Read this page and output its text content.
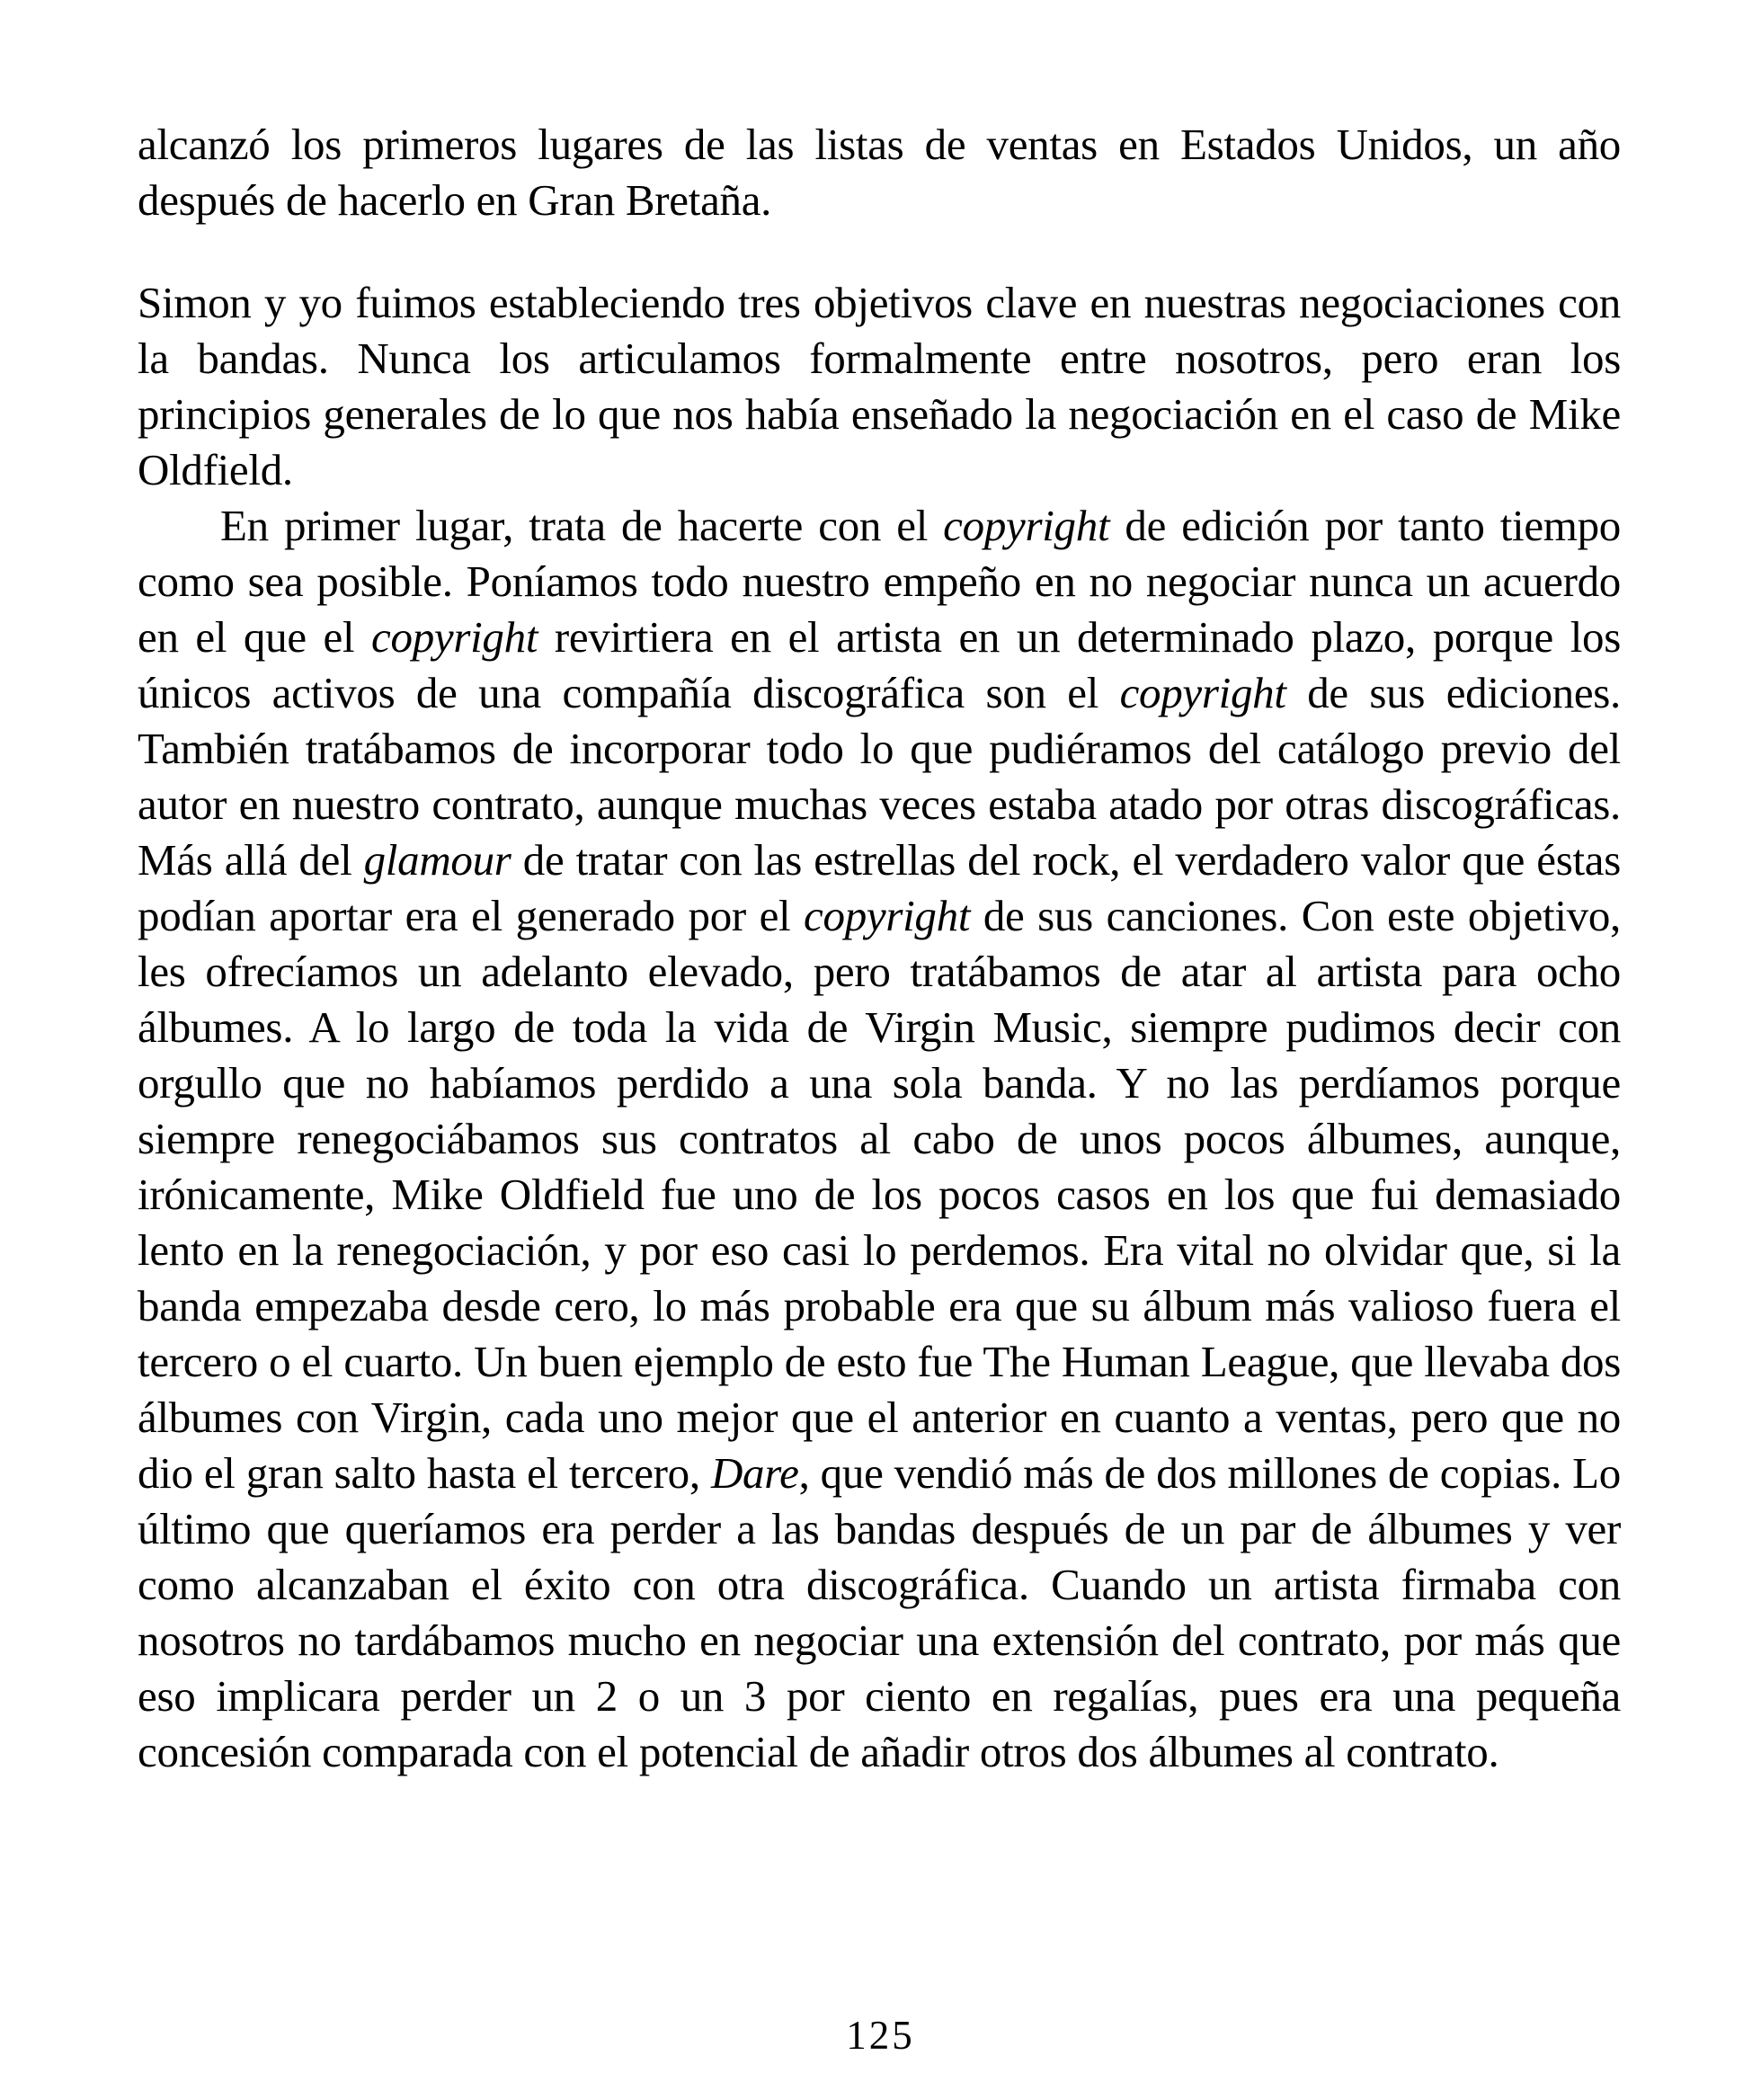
alcanzó los primeros lugares de las listas de ventas en Estados Unidos, un año después de hacerlo en Gran Bretaña.

Simon y yo fuimos estableciendo tres objetivos clave en nuestras negociaciones con la bandas. Nunca los articulamos formalmente entre nosotros, pero eran los principios generales de lo que nos había enseñado la negociación en el caso de Mike Oldfield.

En primer lugar, trata de hacerte con el copyright de edición por tanto tiempo como sea posible. Poníamos todo nuestro empeño en no negociar nunca un acuerdo en el que el copyright revirtiera en el artista en un determinado plazo, porque los únicos activos de una compañía discográfica son el copyright de sus ediciones. También tratábamos de incorporar todo lo que pudiéramos del catálogo previo del autor en nuestro contrato, aunque muchas veces estaba atado por otras discográficas. Más allá del glamour de tratar con las estrellas del rock, el verdadero valor que éstas podían aportar era el generado por el copyright de sus canciones. Con este objetivo, les ofrecíamos un adelanto elevado, pero tratábamos de atar al artista para ocho álbumes. A lo largo de toda la vida de Virgin Music, siempre pudimos decir con orgullo que no habíamos perdido a una sola banda. Y no las perdíamos porque siempre renegociábamos sus contratos al cabo de unos pocos álbumes, aunque, irónicamente, Mike Oldfield fue uno de los pocos casos en los que fui demasiado lento en la renegociación, y por eso casi lo perdemos. Era vital no olvidar que, si la banda empezaba desde cero, lo más probable era que su álbum más valioso fuera el tercero o el cuarto. Un buen ejemplo de esto fue The Human League, que llevaba dos álbumes con Virgin, cada uno mejor que el anterior en cuanto a ventas, pero que no dio el gran salto hasta el tercero, Dare, que vendió más de dos millones de copias. Lo último que queríamos era perder a las bandas después de un par de álbumes y ver como alcanzaban el éxito con otra discográfica. Cuando un artista firmaba con nosotros no tardábamos mucho en negociar una extensión del contrato, por más que eso implicara perder un 2 o un 3 por ciento en regalías, pues era una pequeña concesión comparada con el potencial de añadir otros dos álbumes al contrato.

125
